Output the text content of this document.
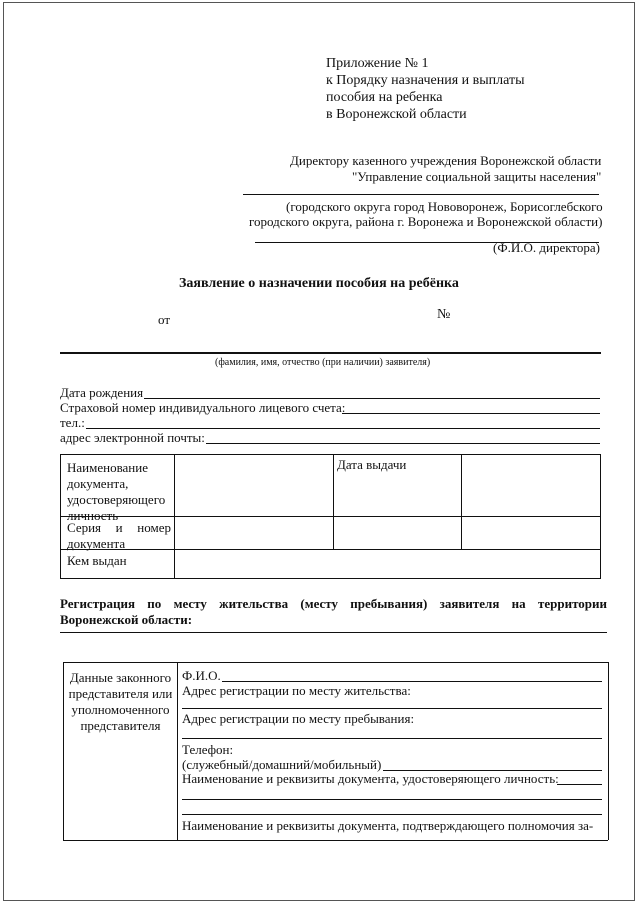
Приложение № 1
к Порядку назначения и выплаты
пособия на ребенка
в Воронежской области
Директору казенного учреждения Воронежской области
"Управление социальной защиты населения"
(городского округа город Нововоронеж, Борисоглебского
городского округа, района г. Воронежа и Воронежской области)
(Ф.И.О. директора)
Заявление о назначении пособия на ребёнка
от	№
(фамилия, имя, отчество (при наличии) заявителя)
Дата рождения
Страховой номер индивидуального лицевого счета:
тел.:
адрес электронной почты:
Наименование документа, удостоверяющего личность
Дата выдачи
Серия и номер документа
Кем выдан
Регистрация по месту жительства (месту пребывания) заявителя на территории Воронежской области:
Данные законного представителя или уполномоченного представителя
Ф.И.О.
Адрес регистрации по месту жительства:
Адрес регистрации по месту пребывания:
Телефон:
(служебный/домашний/мобильный)
Наименование и реквизиты документа, удостоверяющего личность:
Наименование и реквизиты документа, подтверждающего полномочия за-
